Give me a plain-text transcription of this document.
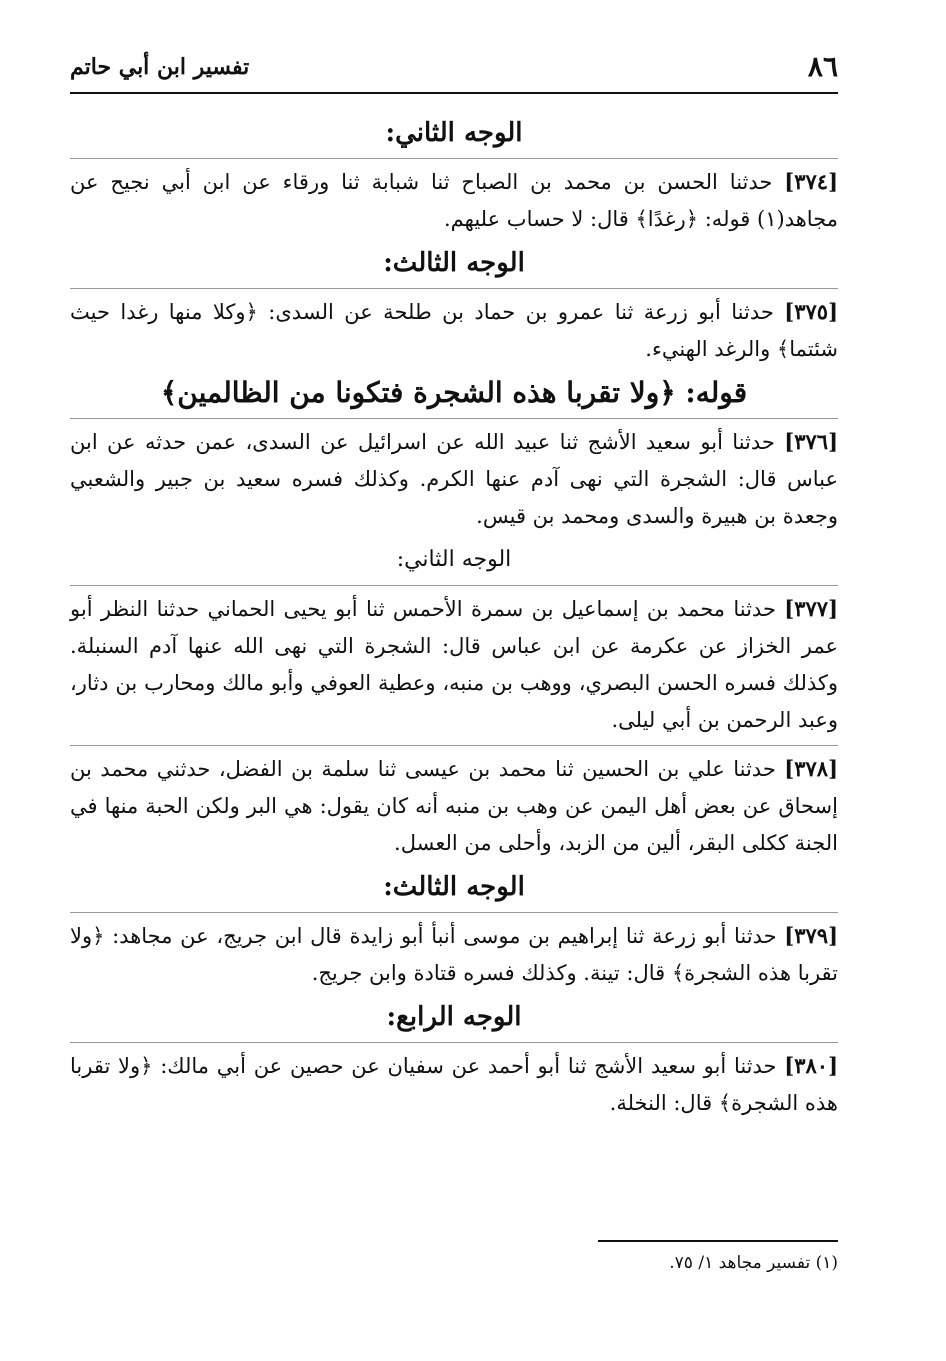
٨٦
تفسير ابن أبي حاتم
الوجه الثاني:
[٣٧٤] حدثنا الحسن بن محمد بن الصباح ثنا شبابة ثنا ورقاء عن ابن أبي نجيح عن مجاهد(١) قوله: ﴿رغدًا﴾ قال: لا حساب عليهم.
الوجه الثالث:
[٣٧٥] حدثنا أبو زرعة ثنا عمرو بن حماد بن طلحة عن السدى: ﴿وكلا منها رغدا حيث شئتما﴾ والرغد الهنيء.
قوله: ﴿ولا تقربا هذه الشجرة فتكونا من الظالمين﴾
[٣٧٦] حدثنا أبو سعيد الأشج ثنا عبيد الله عن اسرائيل عن السدى، عمن حدثه عن ابن عباس قال: الشجرة التي نهى آدم عنها الكرم. وكذلك فسره سعيد بن جبير والشعبي وجعدة بن هبيرة والسدى ومحمد بن قيس.
الوجه الثاني:
[٣٧٧] حدثنا محمد بن إسماعيل بن سمرة الأحمس ثنا أبو يحيى الحماني حدثنا النظر أبو عمر الخزاز عن عكرمة عن ابن عباس قال: الشجرة التي نهى الله عنها آدم السنبلة. وكذلك فسره الحسن البصري، ووهب بن منبه، وعطية العوفي وأبو مالك ومحارب بن دثار، وعبد الرحمن بن أبي ليلى.
[٣٧٨] حدثنا علي بن الحسين ثنا محمد بن عيسى ثنا سلمة بن الفضل، حدثني محمد بن إسحاق عن بعض أهل اليمن عن وهب بن منبه أنه كان يقول: هي البر ولكن الحبة منها في الجنة ككلى البقر، ألين من الزبد، وأحلى من العسل.
الوجه الثالث:
[٣٧٩] حدثنا أبو زرعة ثنا إبراهيم بن موسى أنبأ أبو زايدة قال ابن جريج، عن مجاهد: ﴿ولا تقربا هذه الشجرة﴾ قال: تينة. وكذلك فسره قتادة وابن جريج.
الوجه الرابع:
[٣٨٠] حدثنا أبو سعيد الأشج ثنا أبو أحمد عن سفيان عن حصين عن أبي مالك: ﴿ولا تقربا هذه الشجرة﴾ قال: النخلة.
(١) تفسير مجاهد ١/ ٧٥.
